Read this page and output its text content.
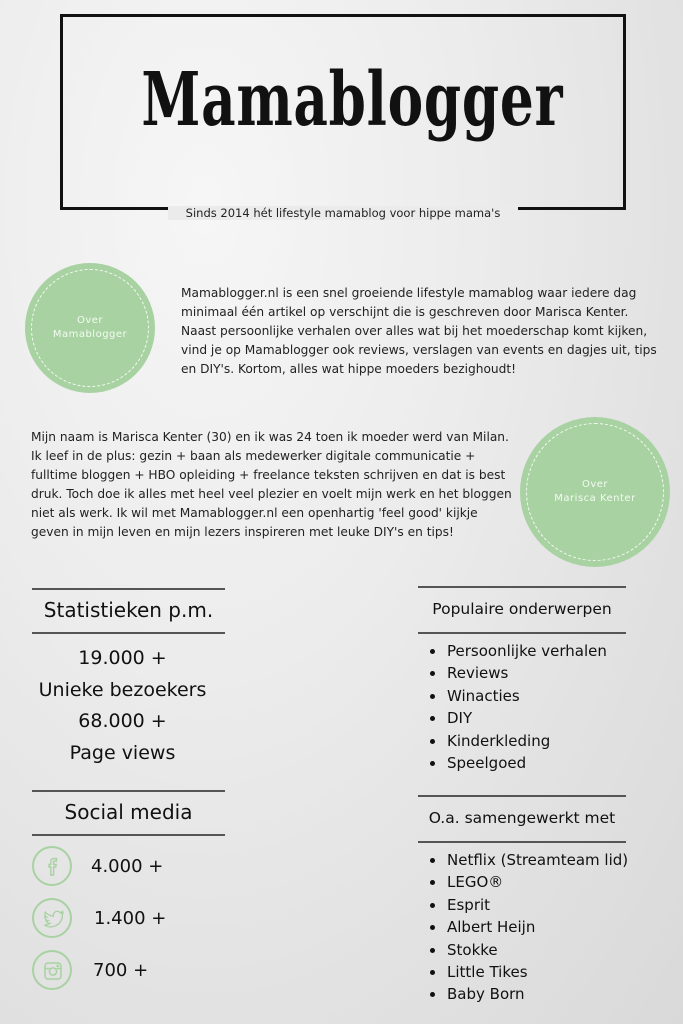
Mamablogger
Sinds 2014 hét lifestyle mamablog voor hippe mama's
Over
Mamablogger
Mamablogger.nl is een snel groeiende lifestyle mamablog waar iedere dag minimaal één artikel op verschijnt die is geschreven door Marisca Kenter. Naast persoonlijke verhalen over alles wat bij het moederschap komt kijken, vind je op Mamablogger ook reviews, verslagen van events en dagjes uit, tips en DIY's. Kortom, alles wat hippe moeders bezighoudt!
Mijn naam is Marisca Kenter (30) en ik was 24 toen ik moeder werd van Milan. Ik leef in de plus: gezin + baan als medewerker digitale communicatie + fulltime bloggen + HBO opleiding + freelance teksten schrijven en dat is best druk. Toch doe ik alles met heel veel plezier en voelt mijn werk en het bloggen niet als werk. Ik wil met Mamablogger.nl een openhartig 'feel good' kijkje geven in mijn leven en mijn lezers inspireren met leuke DIY's en tips!
Over
Marisca Kenter
Statistieken p.m.
19.000 +
Unieke bezoekers
68.000 +
Page views
Social media
4.000 +
1.400 +
700 +
Populaire onderwerpen
Persoonlijke verhalen
Reviews
Winacties
DIY
Kinderkleding
Speelgoed
O.a. samengewerkt met
Netflix (Streamteam lid)
LEGO®
Esprit
Albert Heijn
Stokke
Little Tikes
Baby Born
